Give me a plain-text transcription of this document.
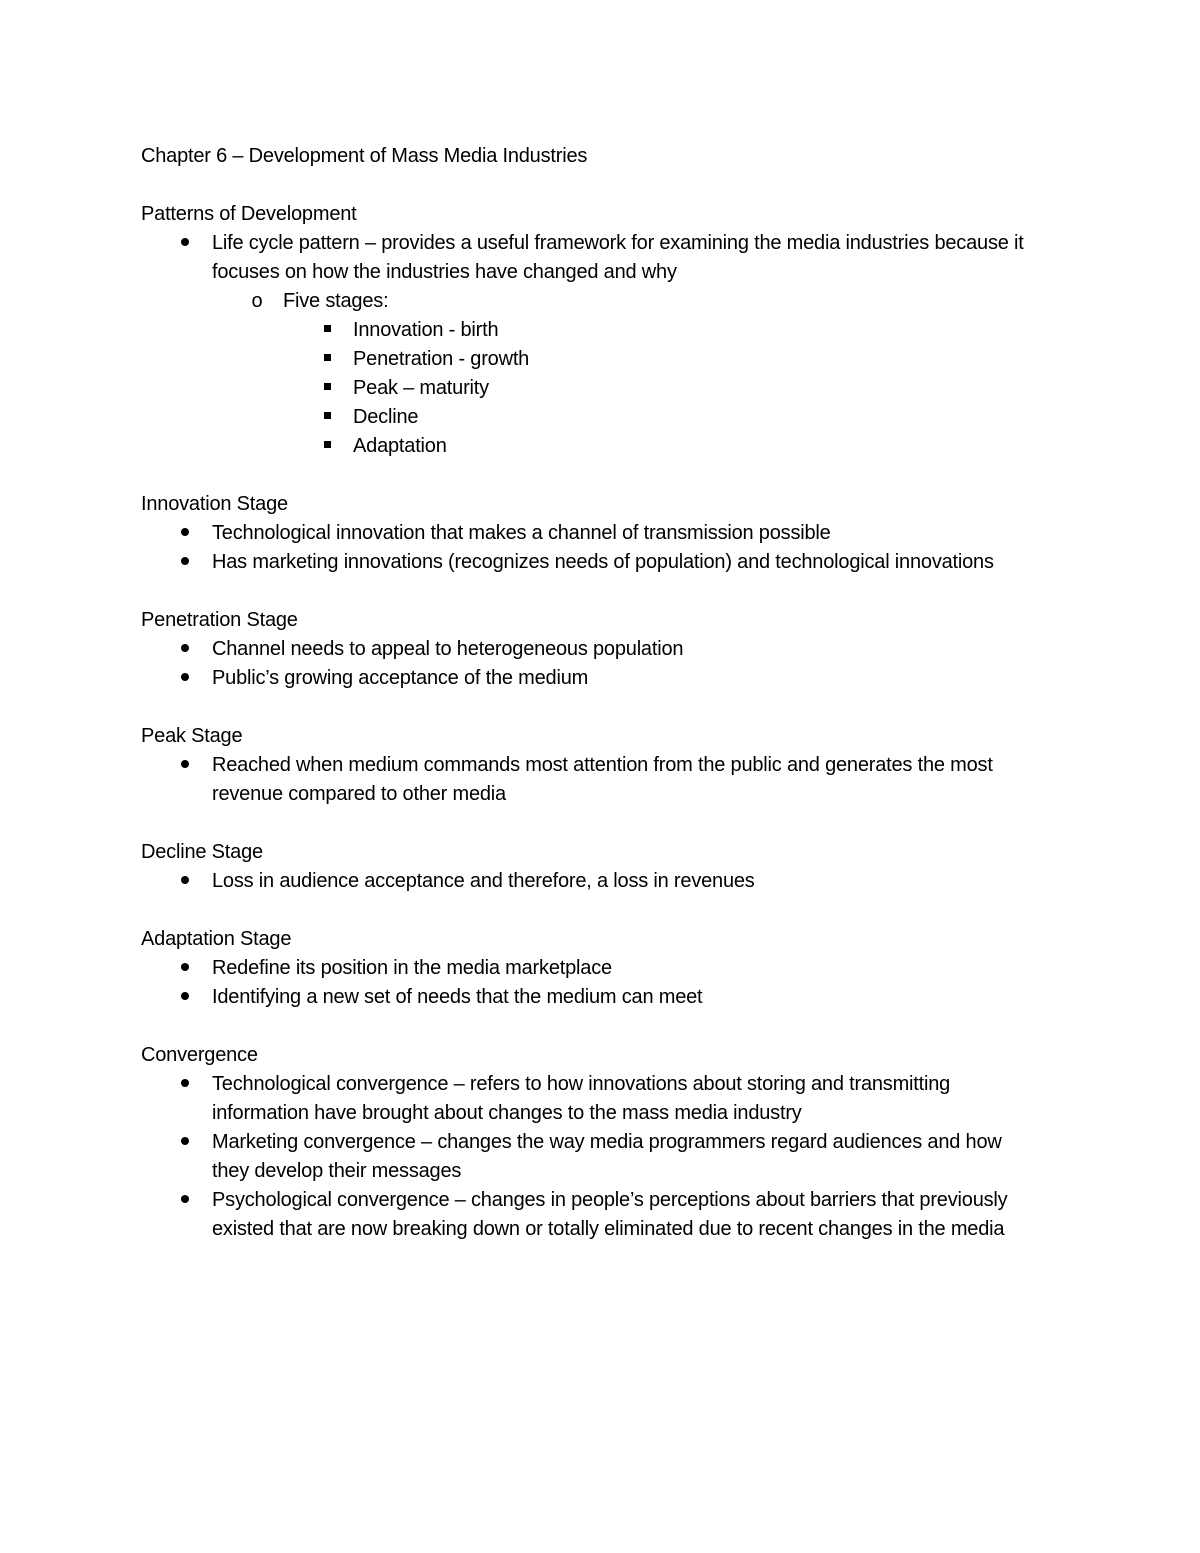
Chapter 6 – Development of Mass Media Industries

Patterns of Development

Life cycle pattern – provides a useful framework for examining the media industries because it focuses on how the industries have changed and why
o Five stages:
Innovation - birth
Penetration - growth
Peak – maturity
Decline
Adaptation

Innovation Stage

Technological innovation that makes a channel of transmission possible
Has marketing innovations (recognizes needs of population) and technological innovations

Penetration Stage

Channel needs to appeal to heterogeneous population
Public’s growing acceptance of the medium

Peak Stage

Reached when medium commands most attention from the public and generates the most revenue compared to other media

Decline Stage

Loss in audience acceptance and therefore, a loss in revenues

Adaptation Stage

Redefine its position in the media marketplace
Identifying a new set of needs that the medium can meet

Convergence

Technological convergence – refers to how innovations about storing and transmitting information have brought about changes to the mass media industry
Marketing convergence – changes the way media programmers regard audiences and how they develop their messages
Psychological convergence – changes in people’s perceptions about barriers that previously existed that are now breaking down or totally eliminated due to recent changes in the media
